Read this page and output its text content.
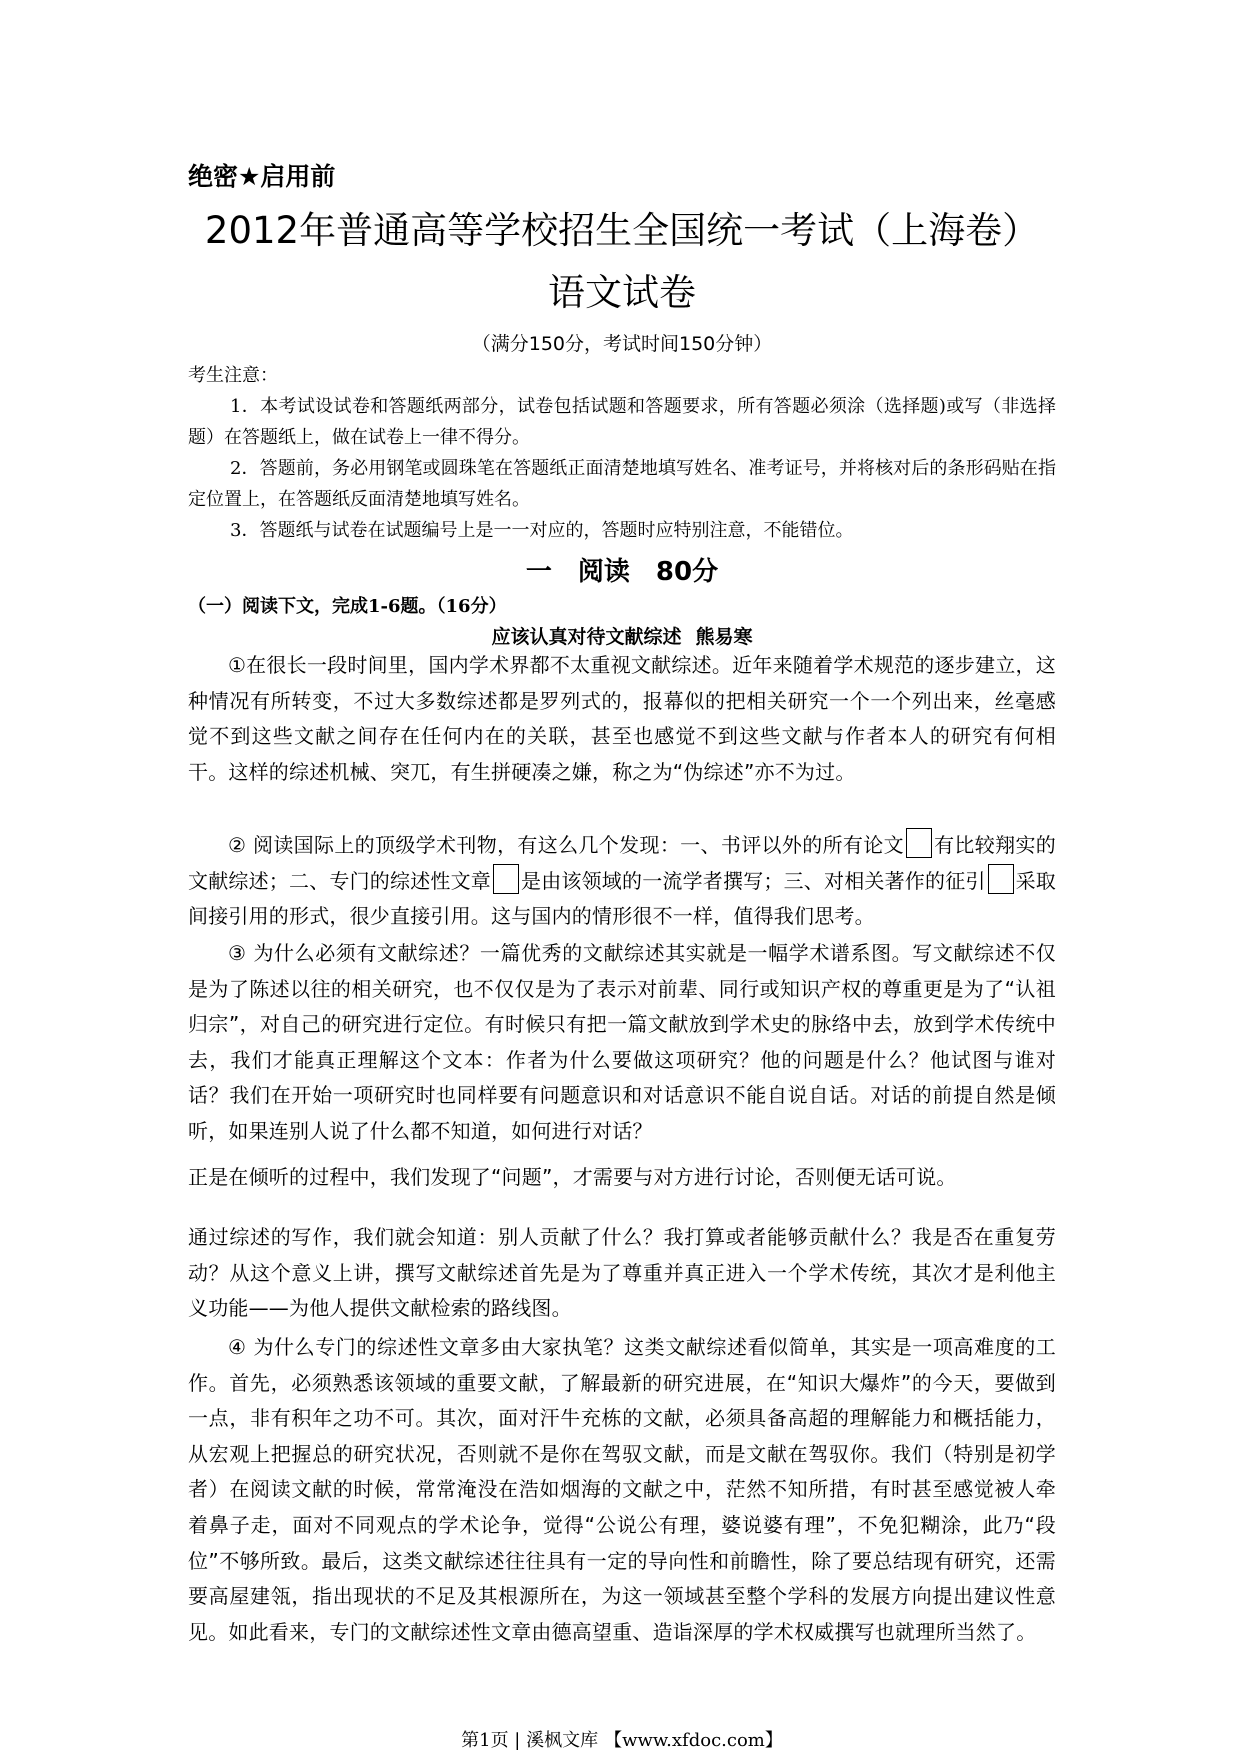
绝密★启用前
2012年普通高等学校招生全国统一考试（上海卷）
语文试卷
（满分150分，考试时间150分钟）

考生注意：

1．本考试设试卷和答题纸两部分，试卷包括试题和答题要求，所有答题必须涂（选择题)或写（非选择题）在答题纸上，做在试卷上一律不得分。

2．答题前，务必用钢笔或圆珠笔在答题纸正面清楚地填写姓名、准考证号，并将核对后的条形码贴在指定位置上，在答题纸反面清楚地填写姓名。

3．答题纸与试卷在试题编号上是一一对应的，答题时应特别注意，不能错位。

一　阅读　80分
（一）阅读下文，完成1-6题。（16分）
应该认真对待文献综述 熊易寒

①在很长一段时间里，国内学术界都不太重视文献综述。近年来随着学术规范的逐步建立，这种情况有所转变，不过大多数综述都是罗列式的，报幕似的把相关研究一个一个列出来，丝毫感觉不到这些文献之间存在任何内在的关联，甚至也感觉不到这些文献与作者本人的研究有何相干。这样的综述机械、突兀，有生拼硬凑之嫌，称之为“伪综述”亦不为过。

② 阅读国际上的顶级学术刊物，有这么几个发现：一、书评以外的所有论文 有比较翔实的文献综述；二、专门的综述性文章 是由该领域的一流学者撰写；三、对相关著作的征引 采取间接引用的形式，很少直接引用。这与国内的情形很不一样，值得我们思考。

③ 为什么必须有文献综述？一篇优秀的文献综述其实就是一幅学术谱系图。写文献综述不仅是为了陈述以往的相关研究，也不仅仅是为了表示对前辈、同行或知识产权的尊重更是为了“认祖归宗”，对自己的研究进行定位。有时候只有把一篇文献放到学术史的脉络中去，放到学术传统中去，我们才能真正理解这个文本：作者为什么要做这项研究？他的问题是什么？他试图与谁对话？我们在开始一项研究时也同样要有问题意识和对话意识不能自说自话。对话的前提自然是倾听，如果连别人说了什么都不知道，如何进行对话？

正是在倾听的过程中，我们发现了“问题”，才需要与对方进行讨论，否则便无话可说。

通过综述的写作，我们就会知道：别人贡献了什么？我打算或者能够贡献什么？我是否在重复劳动？从这个意义上讲，撰写文献综述首先是为了尊重并真正进入一个学术传统，其次才是利他主义功能——为他人提供文献检索的路线图。

④ 为什么专门的综述性文章多由大家执笔？这类文献综述看似简单，其实是一项高难度的工作。首先，必须熟悉该领域的重要文献，了解最新的研究进展，在“知识大爆炸”的今天，要做到一点，非有积年之功不可。其次，面对汗牛充栋的文献，必须具备高超的理解能力和概括能力，从宏观上把握总的研究状况，否则就不是你在驾驭文献，而是文献在驾驭你。我们（特别是初学者）在阅读文献的时候，常常淹没在浩如烟海的文献之中，茫然不知所措，有时甚至感觉被人牵着鼻子走，面对不同观点的学术论争，觉得“公说公有理，婆说婆有理”，不免犯糊涂，此乃“段位”不够所致。最后，这类文献综述往往具有一定的导向性和前瞻性，除了要总结现有研究，还需要高屋建瓴，指出现状的不足及其根源所在，为这一领域甚至整个学科的发展方向提出建议性意见。如此看来，专门的文献综述性文章由德高望重、造诣深厚的学术权威撰写也就理所当然了。

第1页 | 溪枫文库 【www.xfdoc.com】
